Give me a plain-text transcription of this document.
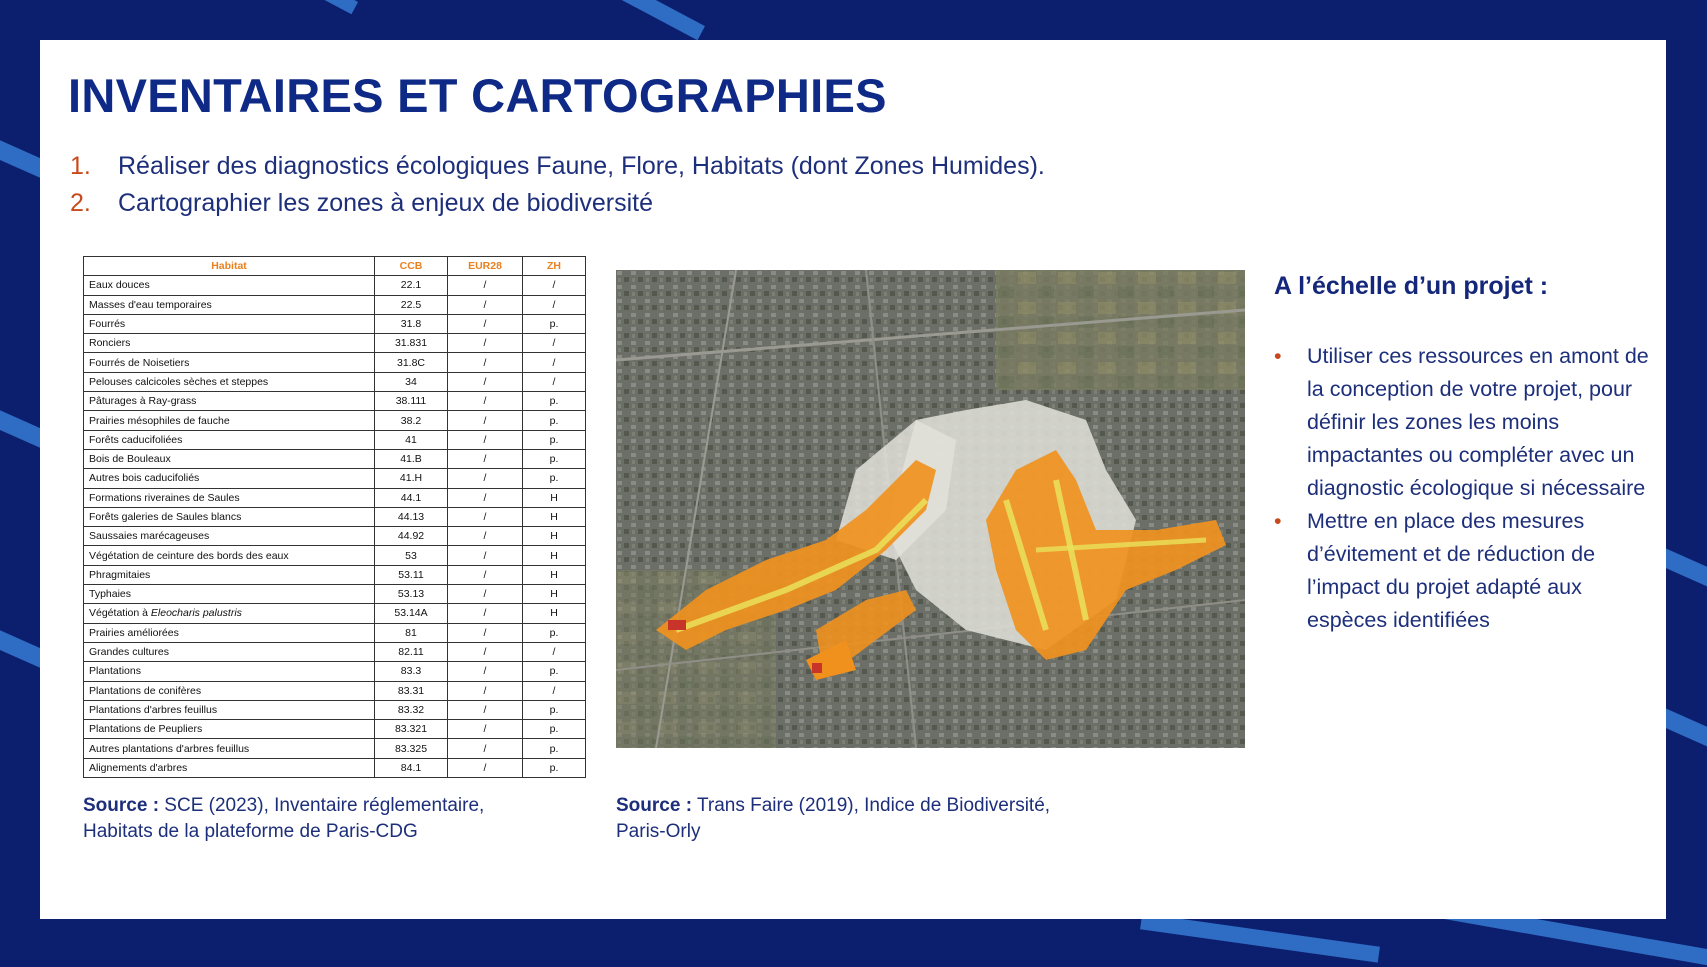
INVENTAIRES ET CARTOGRAPHIES
1.	Réaliser des diagnostics écologiques Faune, Flore, Habitats (dont Zones Humides).
2.	Cartographier les zones à enjeux de biodiversité
Habitat	CCB	EUR28	ZH
Eaux douces	22.1	/	/
Masses d'eau temporaires	22.5	/	/
Fourrés	31.8	/	p.
Ronciers	31.831	/	/
Fourrés de Noisetiers	31.8C	/	/
Pelouses calcicoles sèches et steppes	34	/	/
Pâturages à Ray-grass	38.111	/	p.
Prairies mésophiles de fauche	38.2	/	p.
Forêts caducifoliées	41	/	p.
Bois de Bouleaux	41.B	/	p.
Autres bois caducifoliés	41.H	/	p.
Formations riveraines de Saules	44.1	/	H
Forêts galeries de Saules blancs	44.13	/	H
Saussaies marécageuses	44.92	/	H
Végétation de ceinture des bords des eaux	53	/	H
Phragmitaies	53.11	/	H
Typhaies	53.13	/	H
Végétation à Eleocharis palustris	53.14A	/	H
Prairies améliorées	81	/	p.
Grandes cultures	82.11	/	/
Plantations	83.3	/	p.
Plantations de conifères	83.31	/	/
Plantations d'arbres feuillus	83.32	/	p.
Plantations de Peupliers	83.321	/	p.
Autres plantations d'arbres feuillus	83.325	/	p.
Alignements d'arbres	84.1	/	p.
Source : SCE (2023), Inventaire réglementaire,
Habitats de la plateforme de Paris-CDG
Source : Trans Faire (2019), Indice de Biodiversité,
Paris-Orly
A l’échelle d’un projet :
• Utiliser ces ressources en amont de la conception de votre projet, pour définir les zones les moins impactantes ou compléter avec un diagnostic écologique si nécessaire
• Mettre en place des mesures d’évitement et de réduction de l’impact du projet adapté aux espèces identifiées
